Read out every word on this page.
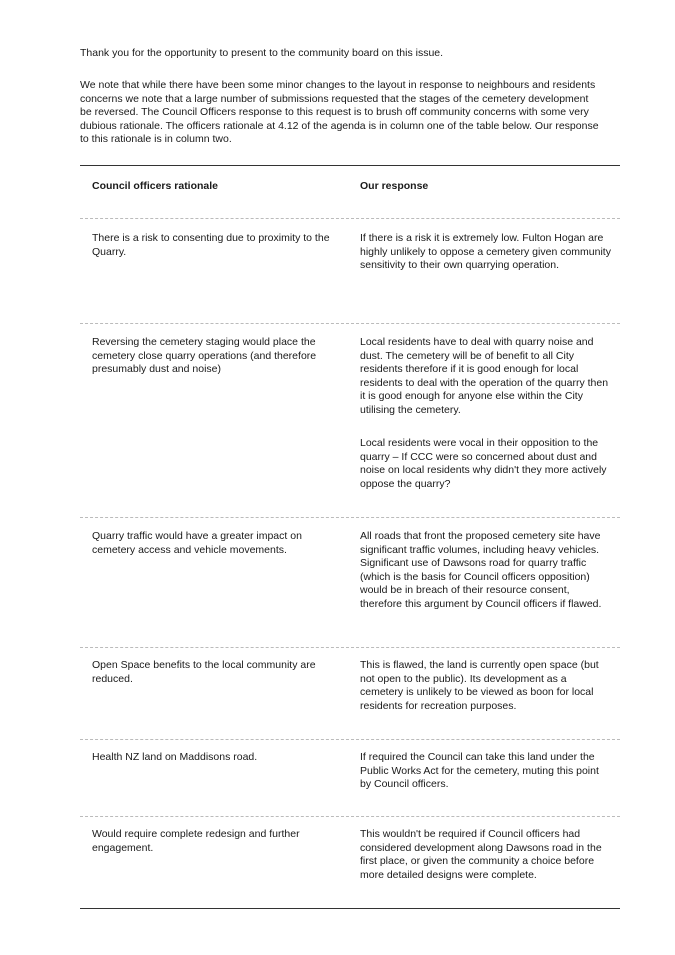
Thank you for the opportunity to present to the community board on this issue.

We note that while there have been some minor changes to the layout in response to neighbours and residents concerns we note that a large number of submissions requested that the stages of the cemetery development be reversed. The Council Officers response to this request is to brush off community concerns with some very dubious rationale. The officers rationale at 4.12 of the agenda is in column one of the table below. Our response to this rationale is in column two.

Council officers rationale	Our response
There is a risk to consenting due to proximity to the Quarry.
If there is a risk it is extremely low. Fulton Hogan are highly unlikely to oppose a cemetery given community sensitivity to their own quarrying operation.
Reversing the cemetery staging would place the cemetery close quarry operations (and therefore presumably dust and noise)
Local residents have to deal with quarry noise and dust. The cemetery will be of benefit to all City residents therefore if it is good enough for local residents to deal with the operation of the quarry then it is good enough for anyone else within the City utilising the cemetery.
Local residents were vocal in their opposition to the quarry – If CCC were so concerned about dust and noise on local residents why didn't they more actively oppose the quarry?
Quarry traffic would have a greater impact on cemetery access and vehicle movements.
All roads that front the proposed cemetery site have significant traffic volumes, including heavy vehicles. Significant use of Dawsons road for quarry traffic (which is the basis for Council officers opposition) would be in breach of their resource consent, therefore this argument by Council officers if flawed.
Open Space benefits to the local community are reduced.
This is flawed, the land is currently open space (but not open to the public). Its development as a cemetery is unlikely to be viewed as boon for local residents for recreation purposes.
Health NZ land on Maddisons road.	If required the Council can take this land under the Public Works Act for the cemetery, muting this point by Council officers.
Would require complete redesign and further engagement.
This wouldn't be required if Council officers had considered development along Dawsons road in the first place, or given the community a choice before more detailed designs were complete.
